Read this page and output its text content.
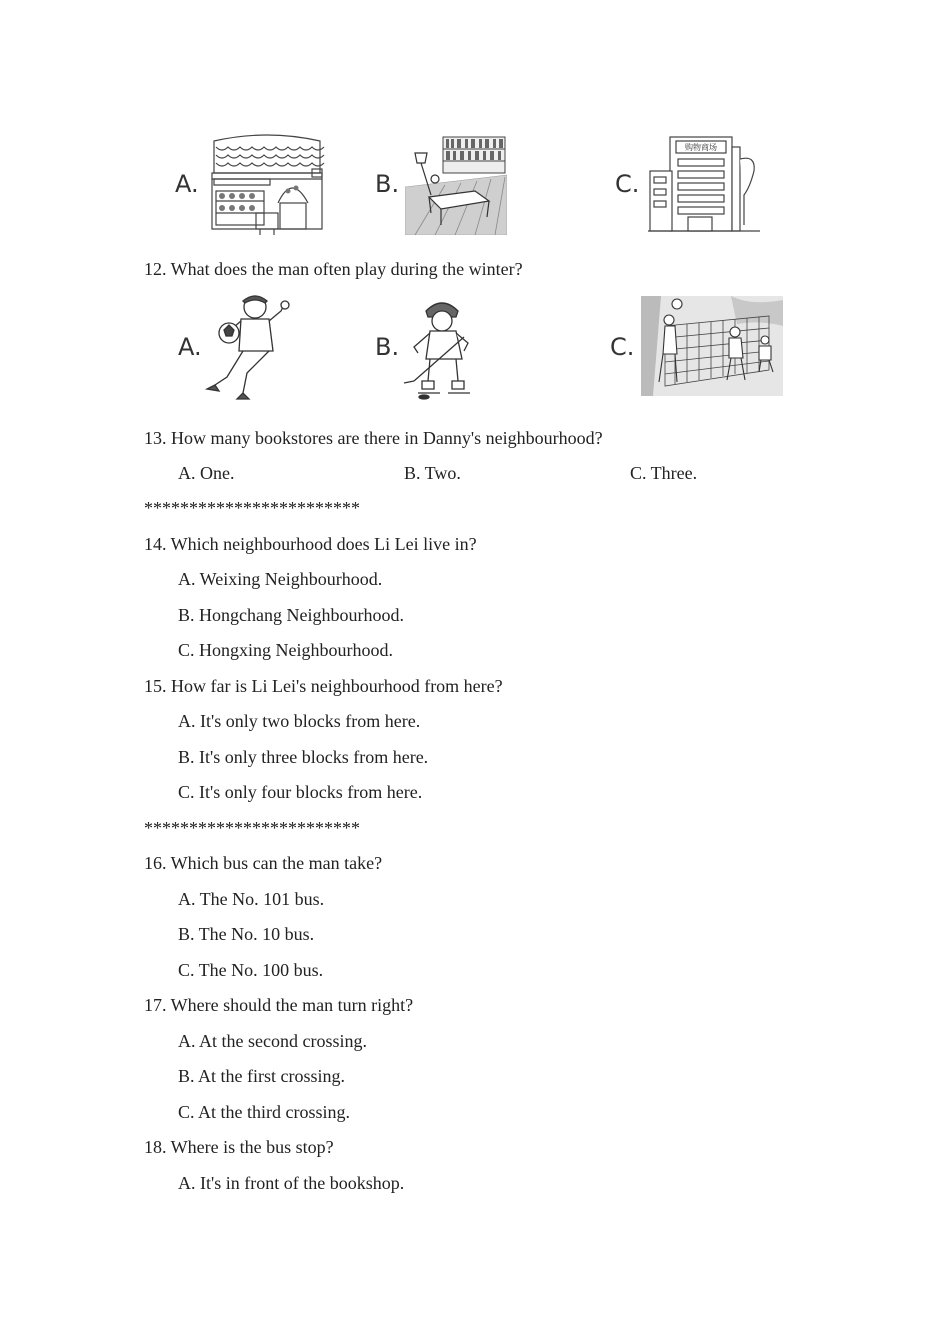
A.	B.	C.
购物商场
12. What does the man often play during the winter?
A.	B.	C.
13. How many bookstores are there in Danny's neighbourhood?
A. One.	B. Two.	C. Three.
************************
14. Which neighbourhood does Li Lei live in?
A. Weixing Neighbourhood.
B. Hongchang Neighbourhood.
C. Hongxing Neighbourhood.
15. How far is Li Lei's neighbourhood from here?
A. It's only two blocks from here.
B. It's only three blocks from here.
C. It's only four blocks from here.
************************
16. Which bus can the man take?
A. The No. 101 bus.
B. The No. 10 bus.
C. The No. 100 bus.
17. Where should the man turn right?
A. At the second crossing.
B. At the first crossing.
C. At the third crossing.
18. Where is the bus stop?
A. It's in front of the bookshop.
